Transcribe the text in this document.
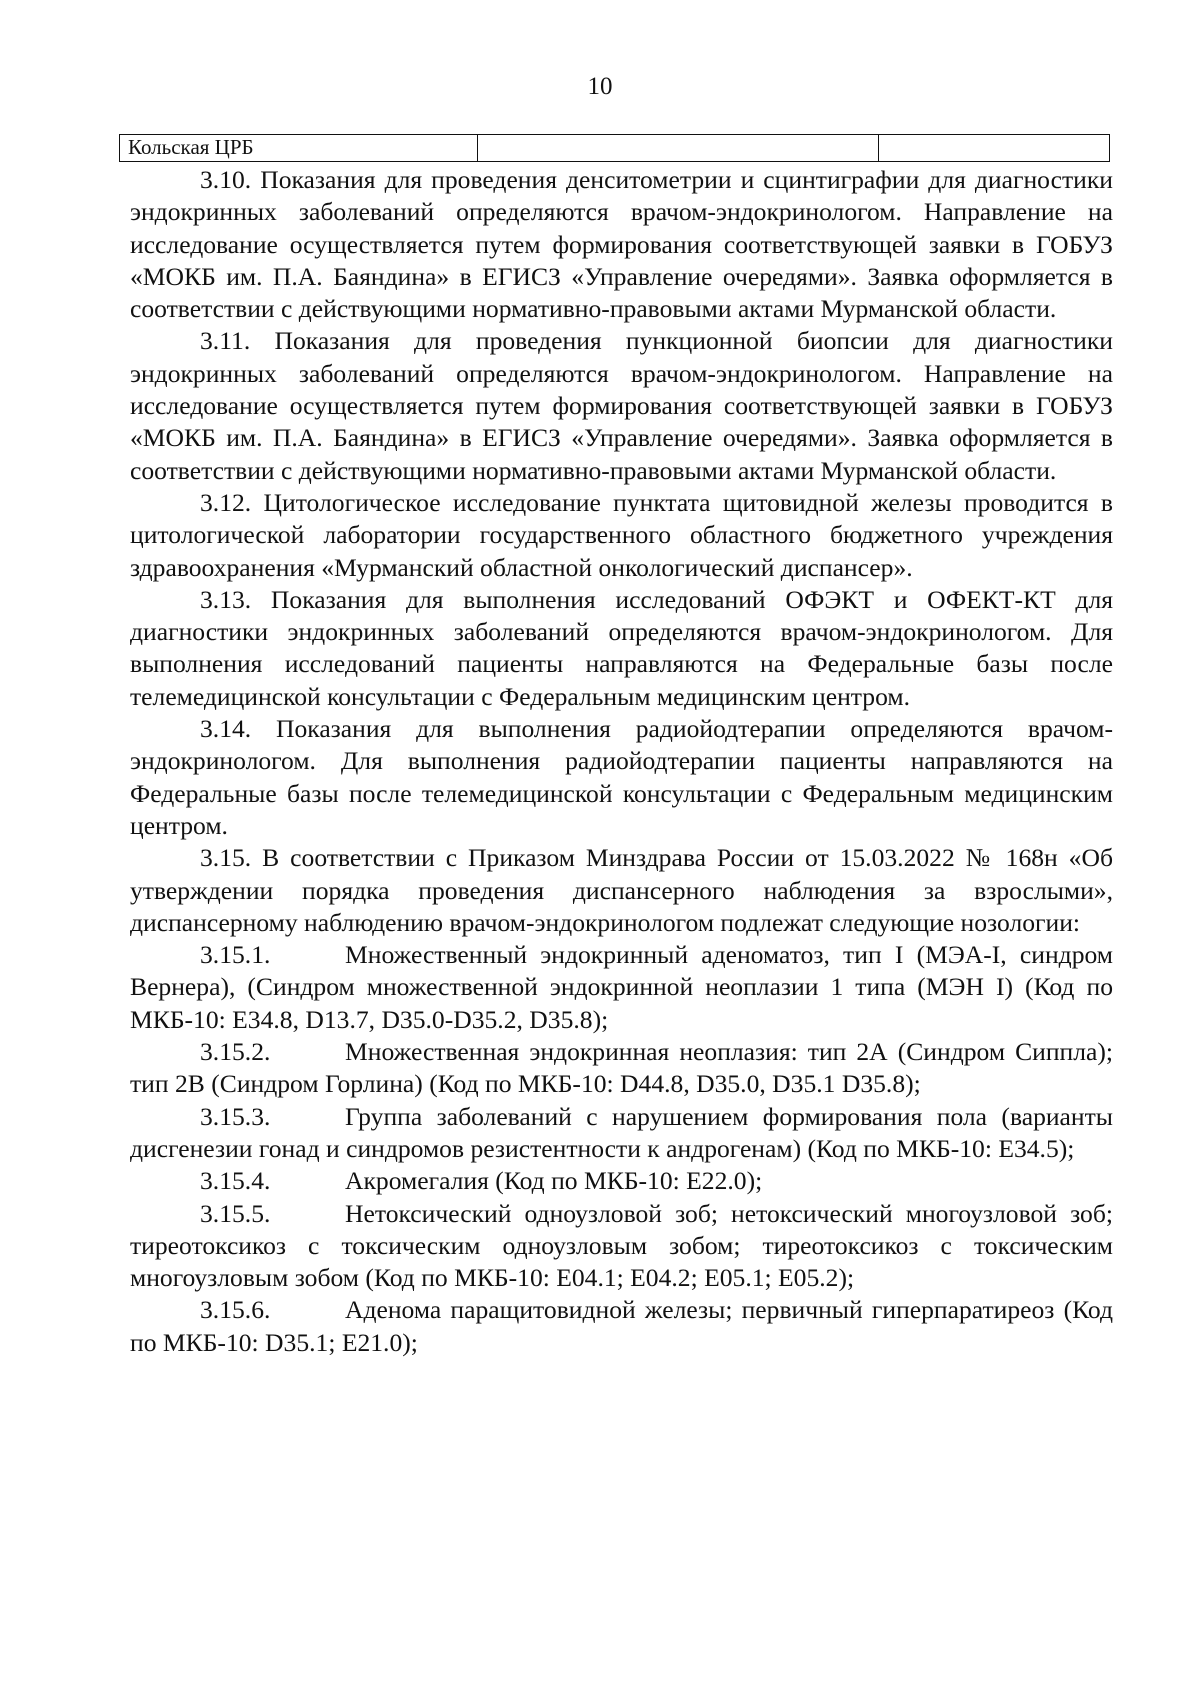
10
Кольская ЦРБ

3.10. Показания для проведения денситометрии и сцинтиграфии для диагностики эндокринных заболеваний определяются врачом-эндокринологом. Направление на исследование осуществляется путем формирования соответствующей заявки в ГОБУЗ «МОКБ им. П.А. Баяндина» в ЕГИСЗ «Управление очередями». Заявка оформляется в соответствии с действующими нормативно-правовыми актами Мурманской области.

3.11. Показания для проведения пункционной биопсии для диагностики эндокринных заболеваний определяются врачом-эндокринологом. Направление на исследование осуществляется путем формирования соответствующей заявки в ГОБУЗ «МОКБ им. П.А. Баяндина» в ЕГИСЗ «Управление очередями». Заявка оформляется в соответствии с действующими нормативно-правовыми актами Мурманской области.

3.12. Цитологическое исследование пунктата щитовидной железы проводится в цитологической лаборатории государственного областного бюджетного учреждения здравоохранения «Мурманский областной онкологический диспансер».

3.13. Показания для выполнения исследований ОФЭКТ и ОФЕКТ-КТ для диагностики эндокринных заболеваний определяются врачом-эндокринологом. Для выполнения исследований пациенты направляются на Федеральные базы после телемедицинской консультации с Федеральным медицинским центром.

3.14. Показания для выполнения радиойодтерапии определяются врачом-эндокринологом. Для выполнения радиойодтерапии пациенты направляются на Федеральные базы после телемедицинской консультации с Федеральным медицинским центром.

3.15. В соответствии с Приказом Минздрава России от 15.03.2022 № 168н «Об утверждении порядка проведения диспансерного наблюдения за взрослыми», диспансерному наблюдению врачом-эндокринологом подлежат следующие нозологии:

3.15.1.	Множественный эндокринный аденоматоз, тип I (МЭА-I, синдром Вернера), (Синдром множественной эндокринной неоплазии 1 типа (МЭН I) (Код по МКБ-10: E34.8, D13.7, D35.0-D35.2, D35.8);

3.15.2.	Множественная эндокринная неоплазия: тип 2А (Синдром Сиппла); тип 2В (Синдром Горлина) (Код по МКБ-10: D44.8, D35.0, D35.1 D35.8);

3.15.3.	Группа заболеваний с нарушением формирования пола (варианты дисгенезии гонад и синдромов резистентности к андрогенам) (Код по МКБ-10: E34.5);

3.15.4.	Акромегалия (Код по МКБ-10: E22.0);

3.15.5.	Нетоксический одноузловой зоб; нетоксический многоузловой зоб; тиреотоксикоз с токсическим одноузловым зобом; тиреотоксикоз с токсическим многоузловым зобом (Код по МКБ-10: E04.1; E04.2; E05.1; E05.2);

3.15.6.	Аденома паращитовидной железы; первичный гиперпаратиреоз (Код по МКБ-10: D35.1; E21.0);
